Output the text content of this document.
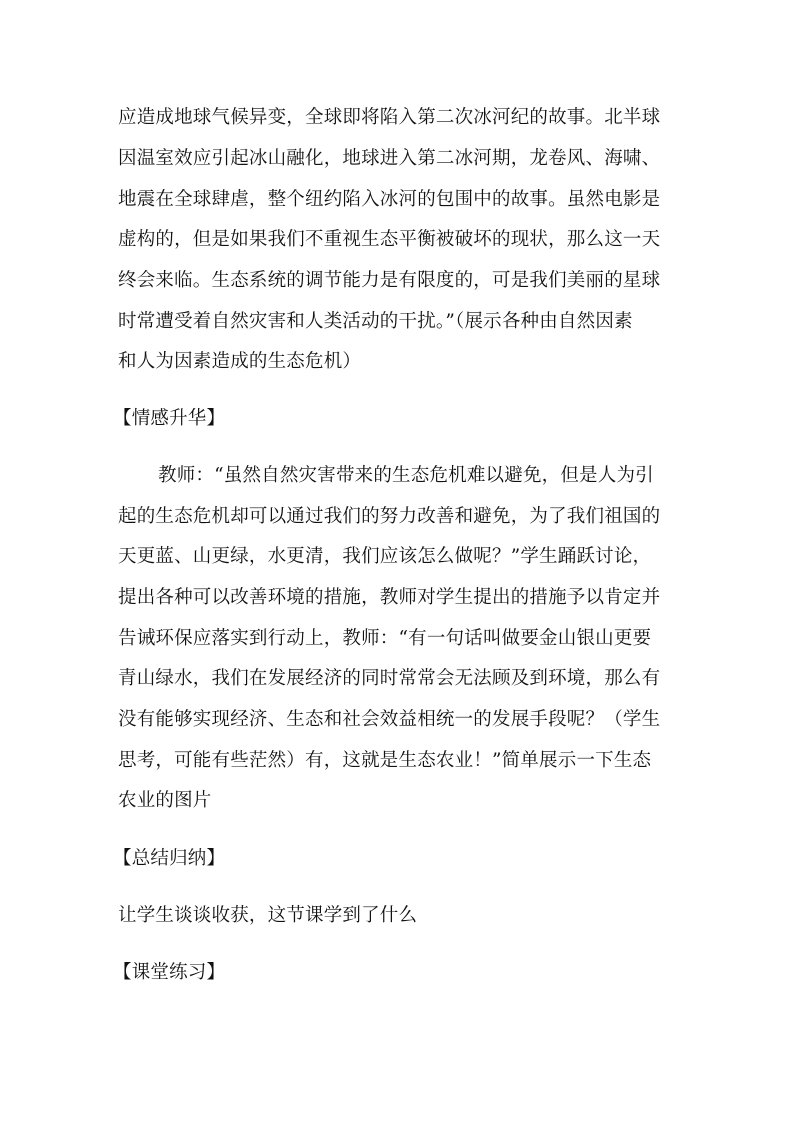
应造成地球气候异变，全球即将陷入第二次冰河纪的故事。北半球
因温室效应引起冰山融化，地球进入第二冰河期，龙卷风、海啸、
地震在全球肆虐，整个纽约陷入冰河的包围中的故事。虽然电影是
虚构的，但是如果我们不重视生态平衡被破坏的现状，那么这一天
终会来临。生态系统的调节能力是有限度的，可是我们美丽的星球
时常遭受着自然灾害和人类活动的干扰。”（展示各种由自然因素
和人为因素造成的生态危机）
【情感升华】
教师：“虽然自然灾害带来的生态危机难以避免，但是人为引
起的生态危机却可以通过我们的努力改善和避免，为了我们祖国的
天更蓝、山更绿，水更清，我们应该怎么做呢？”学生踊跃讨论，
提出各种可以改善环境的措施，教师对学生提出的措施予以肯定并
告诫环保应落实到行动上，教师：“有一句话叫做要金山银山更要
青山绿水，我们在发展经济的同时常常会无法顾及到环境，那么有
没有能够实现经济、生态和社会效益相统一的发展手段呢？（学生
思考，可能有些茫然）有，这就是生态农业！”简单展示一下生态
农业的图片
【总结归纳】
让学生谈谈收获，这节课学到了什么
【课堂练习】
